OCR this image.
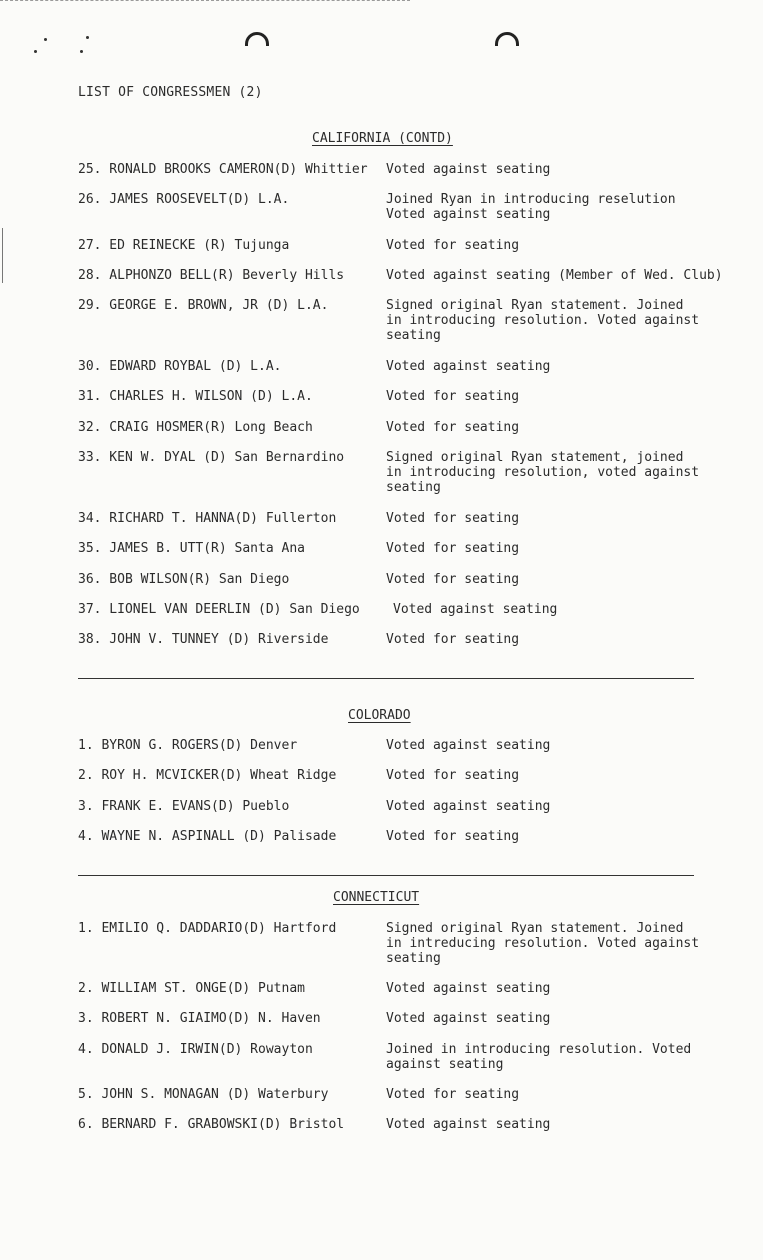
LIST OF CONGRESSMEN (2)
CALIFORNIA (CONTD)
25. RONALD BROOKS CAMERON(D) Whittier	Voted against seating
26. JAMES ROOSEVELT(D) L.A.	Joined Ryan in introducing reselution
Voted against seating
27. ED REINECKE (R) Tujunga	Voted for seating
28. ALPHONZO BELL(R) Beverly Hills	Voted against seating (Member of Wed. Club)
29. GEORGE E. BROWN, JR (D) L.A.	Signed original Ryan statement. Joined
in introducing resolution. Voted against
seating
30. EDWARD ROYBAL (D) L.A.	Voted against seating
31. CHARLES H. WILSON (D) L.A.	Voted for seating
32. CRAIG HOSMER(R) Long Beach	Voted for seating
33. KEN W. DYAL (D) San Bernardino	Signed original Ryan statement, joined
in introducing resolution, voted against
seating
34. RICHARD T. HANNA(D) Fullerton	Voted for seating
35. JAMES B. UTT(R) Santa Ana	Voted for seating
36. BOB WILSON(R) San Diego	Voted for seating
37. LIONEL VAN DEERLIN (D) San Diego	Voted against seating
38. JOHN V. TUNNEY (D) Riverside	Voted for seating
COLORADO
1. BYRON G. ROGERS(D) Denver	Voted against seating
2. ROY H. MCVICKER(D) Wheat Ridge	Voted for seating
3. FRANK E. EVANS(D) Pueblo	Voted against seating
4. WAYNE N. ASPINALL (D) Palisade	Voted for seating
CONNECTICUT
1. EMILIO Q. DADDARIO(D) Hartford	Signed original Ryan statement. Joined
in intreducing resolution. Voted against
seating
2. WILLIAM ST. ONGE(D) Putnam	Voted against seating
3. ROBERT N. GIAIMO(D) N. Haven	Voted against seating
4. DONALD J. IRWIN(D) Rowayton	Joined in introducing resolution. Voted
against seating
5. JOHN S. MONAGAN (D) Waterbury	Voted for seating
6. BERNARD F. GRABOWSKI(D) Bristol	Voted against seating
